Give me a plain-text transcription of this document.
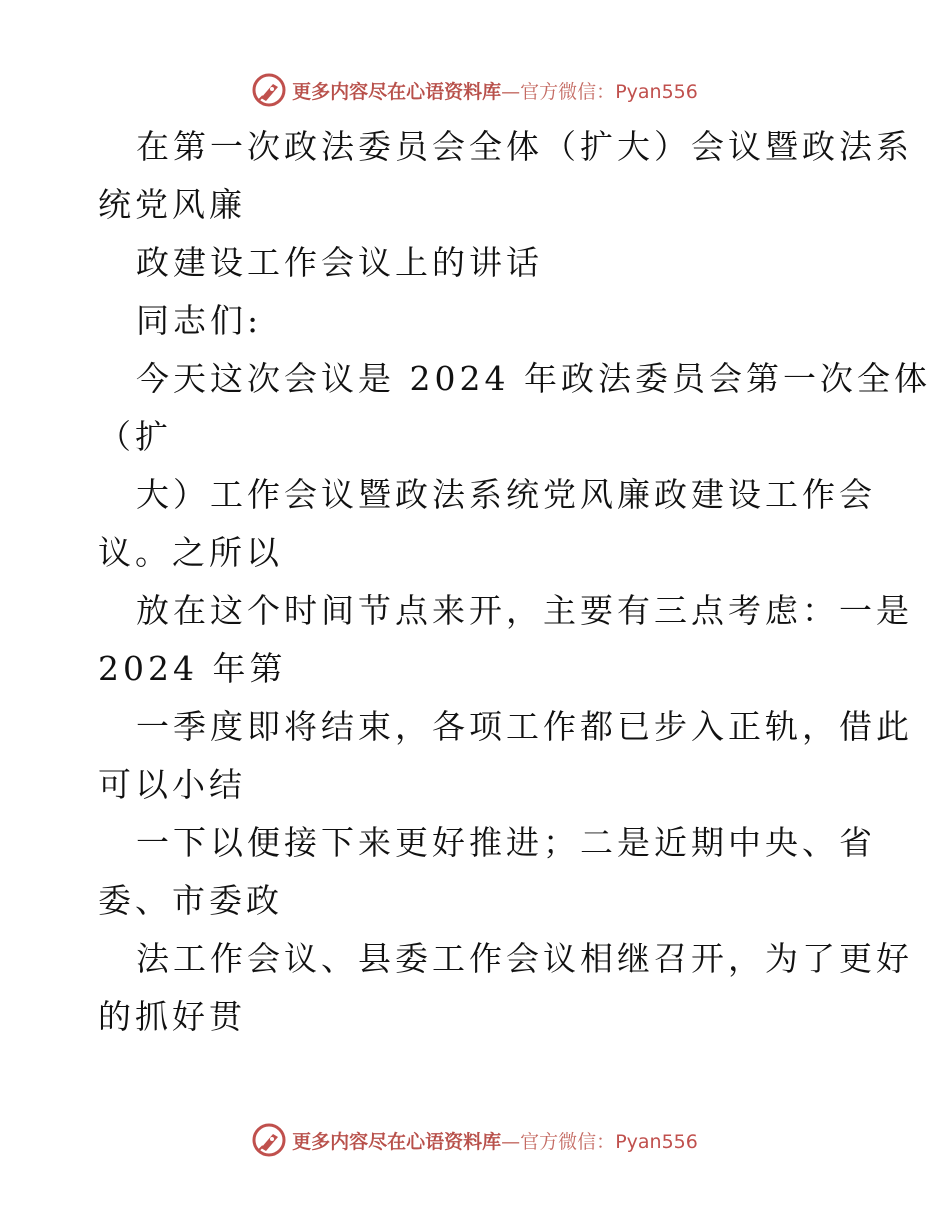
更多内容尽在心语资料库—官方微信：Pyan556
在第一次政法委员会全体（扩大）会议暨政法系
统党风廉
政建设工作会议上的讲话
同志们:
今天这次会议是 2024 年政法委员会第一次全体
（扩
大）工作会议暨政法系统党风廉政建设工作会
议。之所以
放在这个时间节点来开，主要有三点考虑：一是
2024 年第
一季度即将结束，各项工作都已步入正轨，借此
可以小结
一下以便接下来更好推进；二是近期中央、省
委、市委政
法工作会议、县委工作会议相继召开，为了更好
的抓好贯
更多内容尽在心语资料库—官方微信：Pyan556
